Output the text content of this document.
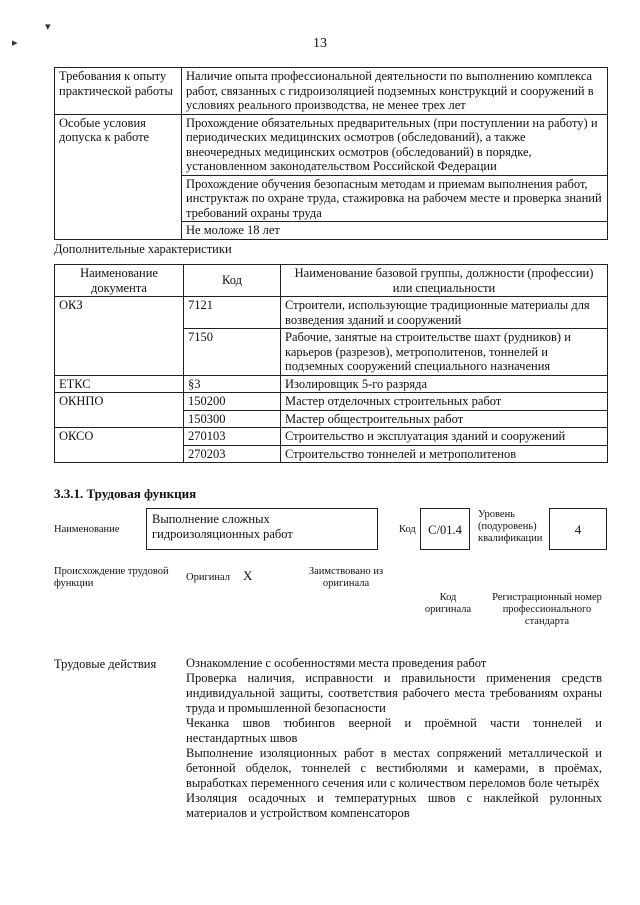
▾
▸	13
Требования к опыту практической работы	Наличие опыта профессиональной деятельности по выполнению комплекса работ, связанных с гидроизоляцией подземных конструкций и сооружений в условиях реального производства, не менее трех лет
Особые условия допуска к работе	Прохождение обязательных предварительных (при поступлении на работу) и периодических медицинских осмотров (обследований), а также внеочередных медицинских осмотров (обследований) в порядке, установленном законодательством Российской Федерации
	Прохождение обучения безопасным методам и приемам выполнения работ, инструктаж по охране труда, стажировка на рабочем месте и проверка знаний требований охраны труда
	Не моложе 18 лет
Дополнительные характеристики
Наименование документа	Код	Наименование базовой группы, должности (профессии) или специальности
ОКЗ	7121	Строители, использующие традиционные материалы для возведения зданий и сооружений
	7150	Рабочие, занятые на строительстве шахт (рудников) и карьеров (разрезов), метрополитенов, тоннелей и подземных сооружений специального назначения
ЕТКС	§3	Изолировщик 5-го разряда
ОКНПО	150200	Мастер отделочных строительных работ
	150300	Мастер общестроительных работ
ОКСО	270103	Строительство и эксплуатация зданий и сооружений
	270203	Строительство тоннелей и метрополитенов
3.3.1. Трудовая функция
Наименование
Выполнение сложных гидроизоляционных работ	Код С/01.4
Уровень (подуровень) квалификации
4
Происхождение трудовой функции
Оригинал X	Заимствовано из оригинала
Код оригинала
Регистрационный номер профессионального стандарта
Трудовые действия Ознакомление с особенностями места проведения работ

Проверка наличия, исправности и правильности применения средств индивидуальной защиты, соответствия рабочего места требованиям охраны труда и промышленной безопасности

Чеканка швов тюбингов веерной и проёмной части тоннелей и нестандартных швов

Выполнение изоляционных работ в местах сопряжений металлической и бетонной обделок, тоннелей с вестибюлями и камерами, в проёмах, выработках переменного сечения или с количеством переломов боле четырёх

Изоляция осадочных и температурных швов с наклейкой рулонных материалов и устройством компенсаторов
